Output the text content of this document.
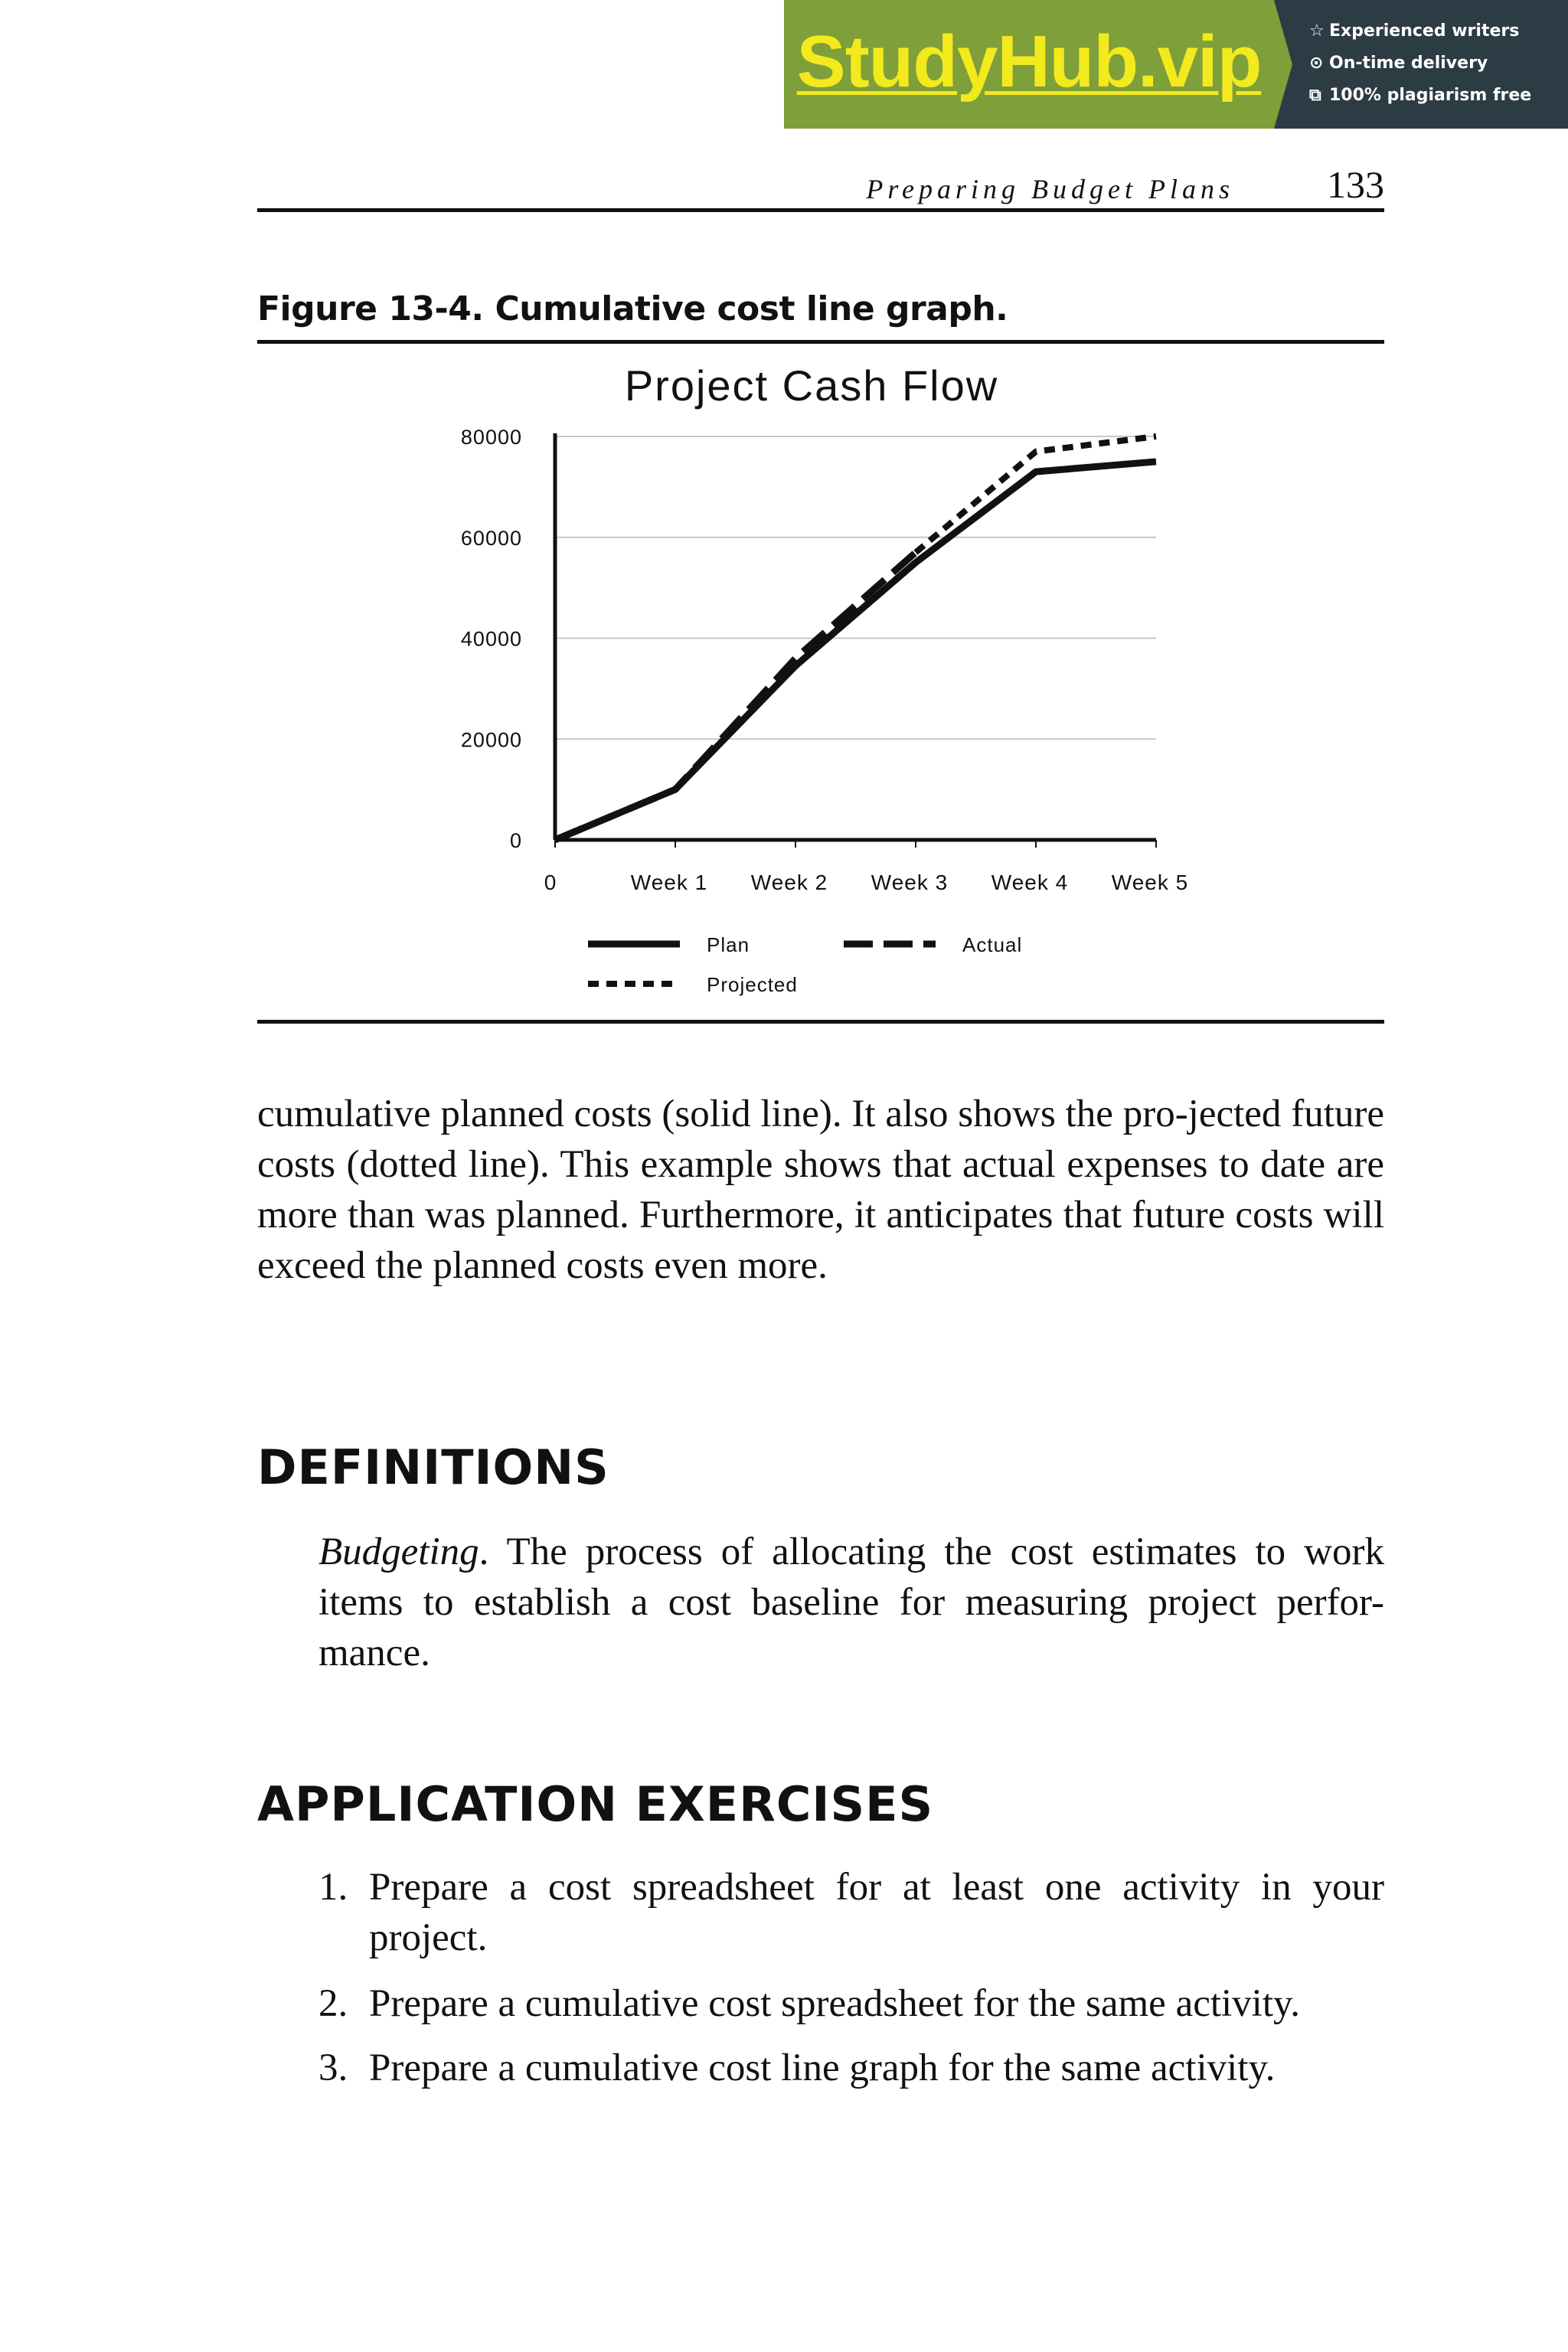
StudyHub.vip	☆ Experienced writers
⊙ On-time delivery
⧉ 100% plagiarism free
Preparing Budget Plans 133
Figure 13-4. Cumulative cost line graph.
Project Cash Flow
0
20000
40000
60000
80000
0	Week 1 Week 2 Week 3 Week 4 Week 5
Plan	Actual
Projected
cumulative planned costs (solid line). It also shows the pro-jected future costs (dotted line). This example shows that actual expenses to date are more than was planned. Furthermore, it anticipates that future costs will exceed the planned costs even more.
DEFINITIONS
Budgeting. The process of allocating the cost estimates to work items to establish a cost baseline for measuring project perfor-mance.
APPLICATION EXERCISES
1. Prepare a cost spreadsheet for at least one activity in your project.
2. Prepare a cumulative cost spreadsheet for the same activity.
3. Prepare a cumulative cost line graph for the same activity.
